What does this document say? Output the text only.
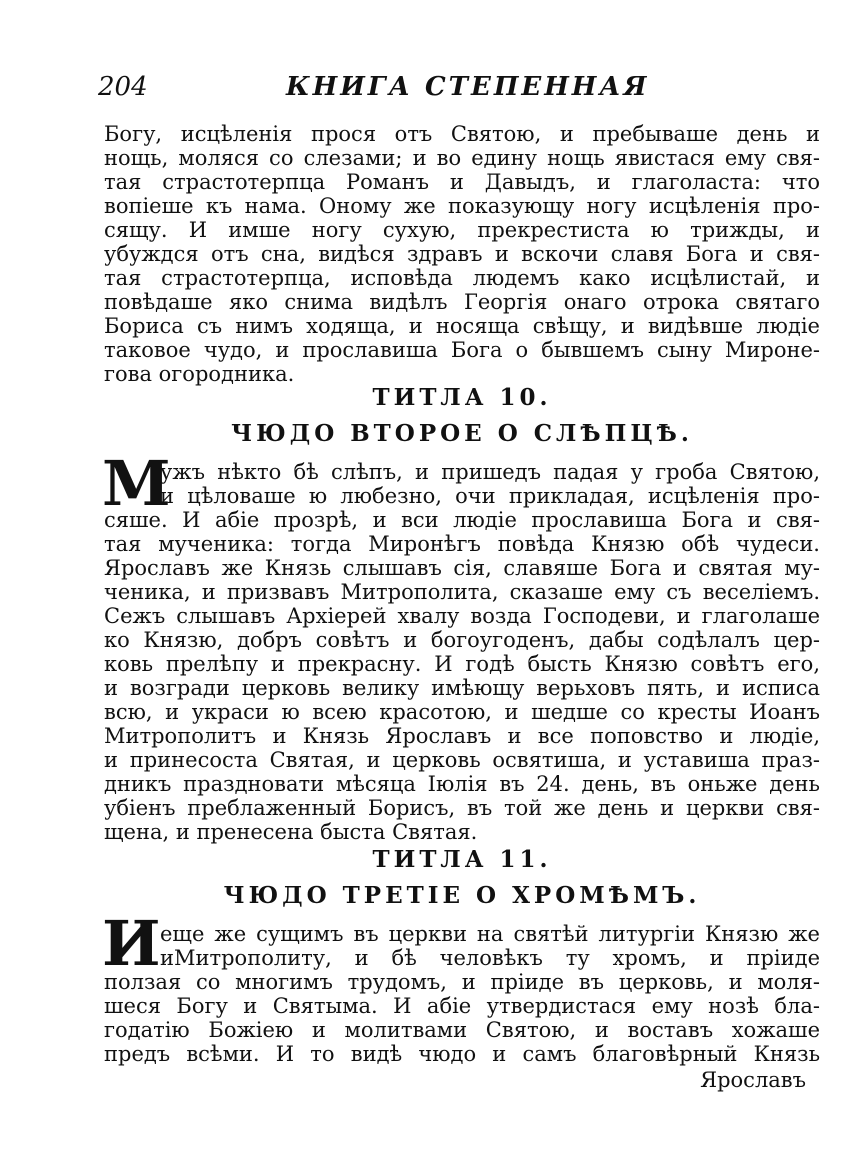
204	КНИГА СТЕПЕННАЯ
Богу, исцѣленія прося отъ Святою, и пребываше день и
нощь, моляся со слезами; и во едину нощь явистася ему свя-
тая страстотерпца Романъ и Давыдъ, и глаголаста: что
вопіеше къ нама. Оному же показующу ногу исцѣленія про-
сящу. И имше ногу сухую, прекрестиста ю трижды, и
убуждся отъ сна, видѣся здравъ и вскочи славя Бога и свя-
тая страстотерпца, исповѣда людемъ како исцѣлистай, и
повѣдаше яко снима видѣлъ Георгія онаго отрока святаго
Бориса съ нимъ ходяща, и носяща свѣщу, и видѣвше людіе
таковое чудо, и прославиша Бога о бывшемъ сыну Мироне-
гова огородника.
ТИТЛА 10.
ЧЮДО ВТОРОЕ О СЛѢПЦѢ.
М
ужъ нѣкто бѣ слѣпъ, и пришедъ падая у гроба Святою,
и цѣловаше ю любезно, очи прикладая, исцѣленія про-
сяше. И абіе прозрѣ, и вси людіе прославиша Бога и свя-
тая мученика: тогда Миронѣгъ повѣда Князю обѣ чудеси.
Ярославъ же Князь слышавъ сія, славяше Бога и святая му-
ченика, и призвавъ Митрополита, сказаше ему съ веселіемъ.
Сежъ слышавъ Архіерей хвалу возда Господеви, и глаголаше
ко Князю, добръ совѣтъ и богоугоденъ, дабы содѣлалъ цер-
ковь прелѣпу и прекрасну. И годѣ бысть Князю совѣтъ его,
и возгради церковь велику имѣющу верьховъ пять, и исписа
всю, и украси ю всею красотою, и шедше со кресты Иоанъ
Митрополитъ и Князь Ярославъ и все поповство и людіе,
и принесоста Святая, и церковь освятиша, и уставиша праз-
дникъ праздновати мѣсяца Іюлія въ 24. день, въ оньже день
убіенъ преблаженный Борисъ, въ той же день и церкви свя-
щена, и пренесена быста Святая.
ТИТЛА 11.
ЧЮДО ТРЕТІЕ О ХРОМѢМЪ.
И еще же сущимъ въ церкви на святѣй литургіи Князю же
иМитрополиту, и бѣ человѣкъ ту хромъ, и пріиде
ползая со многимъ трудомъ, и пріиде въ церковь, и моля-
шеся Богу и Святыма. И абіе утвердистася ему нозѣ бла-
годатію Божіею и молитвами Святою, и воставъ хожаше
предъ всѣми. И то видѣ чюдо и самъ благовѣрный Князь
Ярославъ
